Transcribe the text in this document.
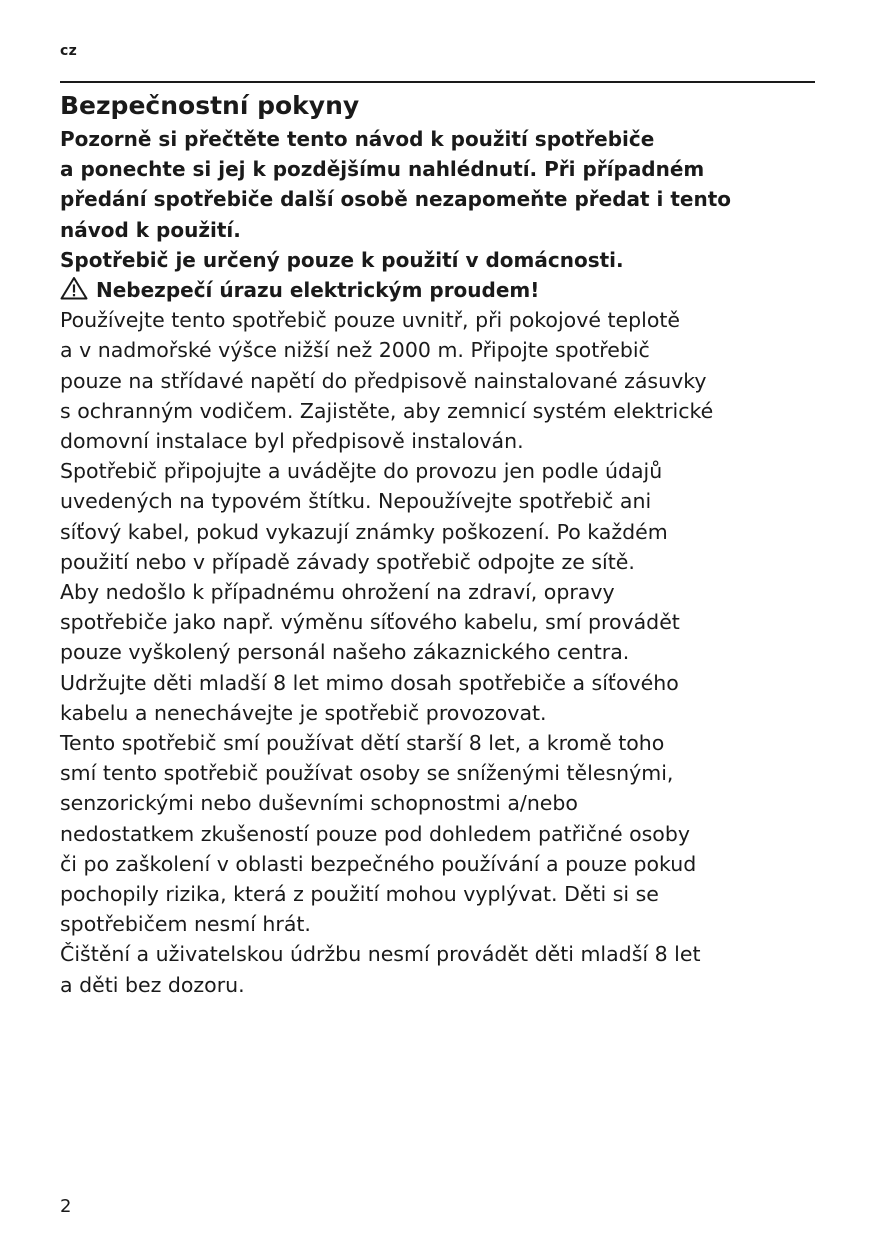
cz
Bezpečnostní pokyny
Pozorně si přečtěte tento návod k použití spotřebiče
a ponechte si jej k pozdějšímu nahlédnutí. Při případném
předání spotřebiče další osobě nezapomeňte předat i tento
návod k použití.
Spotřebič je určený pouze k použití v domácnosti.
Nebezpečí úrazu elektrickým proudem!
Používejte tento spotřebič pouze uvnitř, při pokojové teplotě
a v nadmořské výšce nižší než 2000 m. Připojte spotřebič
pouze na střídavé napětí do předpisově nainstalované zásuvky
s ochranným vodičem. Zajistěte, aby zemnicí systém elektrické
domovní instalace byl předpisově instalován.
Spotřebič připojujte a uvádějte do provozu jen podle údajů
uvedených na typovém štítku. Nepoužívejte spotřebič ani
síťový kabel, pokud vykazují známky poškození. Po každém
použití nebo v případě závady spotřebič odpojte ze sítě.
Aby nedošlo k případnému ohrožení na zdraví, opravy
spotřebiče jako např. výměnu síťového kabelu, smí provádět
pouze vyškolený personál našeho zákaznického centra.
Udržujte děti mladší 8 let mimo dosah spotřebiče a síťového
kabelu a nenechávejte je spotřebič provozovat.
Tento spotřebič smí používat dětí starší 8 let, a kromě toho
smí tento spotřebič používat osoby se sníženými tělesnými,
senzorickými nebo duševními schopnostmi a/nebo
nedostatkem zkušeností pouze pod dohledem patřičné osoby
či po zaškolení v oblasti bezpečného používání a pouze pokud
pochopily rizika, která z použití mohou vyplývat. Děti si se
spotřebičem nesmí hrát.
Čištění a uživatelskou údržbu nesmí provádět děti mladší 8 let
a děti bez dozoru.
2
